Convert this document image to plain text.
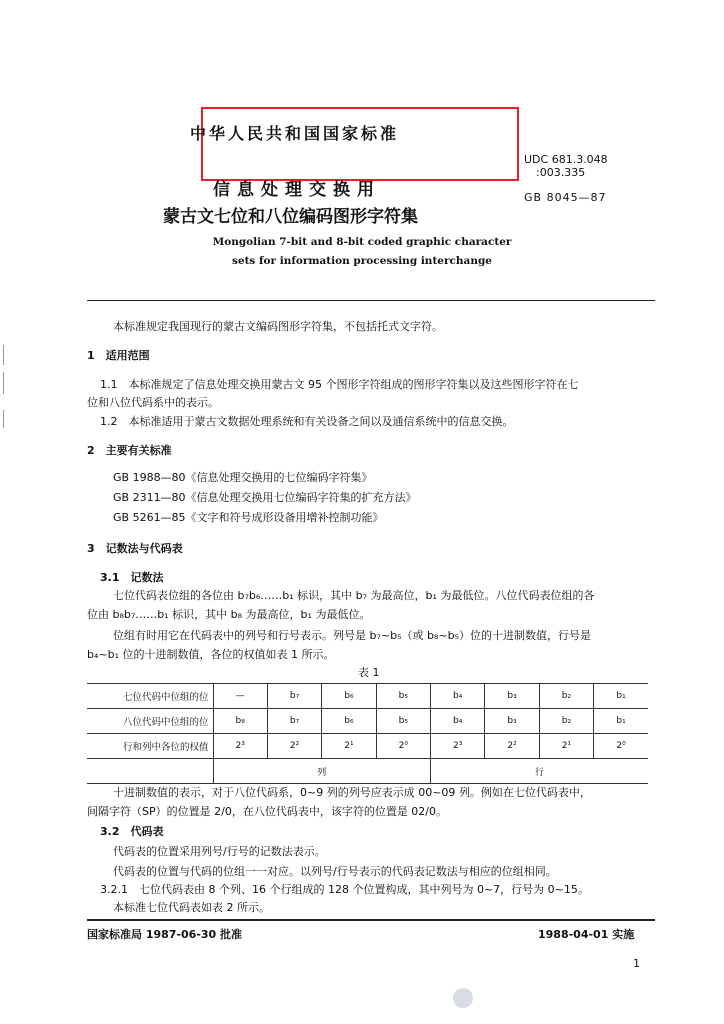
中华人民共和国国家标准
UDC 681.3.048
:003.335
GB 8045—87
信息处理交换用
蒙古文七位和八位编码图形字符集
Mongolian 7-bit and 8-bit coded graphic character
sets for information processing interchange
本标准规定我国现行的蒙古文编码图形字符集，不包括托式文字符。
1　适用范围
1.1　本标准规定了信息处理交换用蒙古文 95 个图形字符组成的图形字符集以及这些图形字符在七
位和八位代码系中的表示。
1.2　本标准适用于蒙古文数据处理系统和有关设备之间以及通信系统中的信息交换。
2　主要有关标准
GB 1988—80《信息处理交换用的七位编码字符集》
GB 2311—80《信息处理交换用七位编码字符集的扩充方法》
GB 5261—85《文字和符号成形设备用增补控制功能》
3　记数法与代码表
3.1　记数法
七位代码表位组的各位由 b₇b₆……b₁ 标识，其中 b₇ 为最高位，b₁ 为最低位。八位代码表位组的各
位由 b₈b₇……b₁ 标识，其中 b₈ 为最高位，b₁ 为最低位。
位组有时用它在代码表中的列号和行号表示。列号是 b₇~b₅（或 b₈~b₅）位的十进制数值，行号是
b₄~b₁ 位的十进制数值，各位的权值如表 1 所示。
表 1
七位代码中位组的位	—	b₇	b₆	b₅	b₄	b₃	b₂	b₁
八位代码中位组的位	b₈	b₇	b₆	b₅	b₄	b₃	b₂	b₁
行和列中各位的权值	2³	2²	2¹	2⁰	2³	2²	2¹	2⁰
	列				行			
十进制数值的表示，对于八位代码系，0~9 列的列号应表示成 00~09 列。例如在七位代码表中，
间隔字符（SP）的位置是 2/0，在八位代码表中，该字符的位置是 02/0。
3.2　代码表
代码表的位置采用列号/行号的记数法表示。
代码表的位置与代码的位组一一对应。以列号/行号表示的代码表记数法与相应的位组相同。
3.2.1　七位代码表由 8 个列、16 个行组成的 128 个位置构成，其中列号为 0~7，行号为 0~15。
本标准七位代码表如表 2 所示。
国家标准局 1987-06-30 批准	1988-04-01 实施
1
